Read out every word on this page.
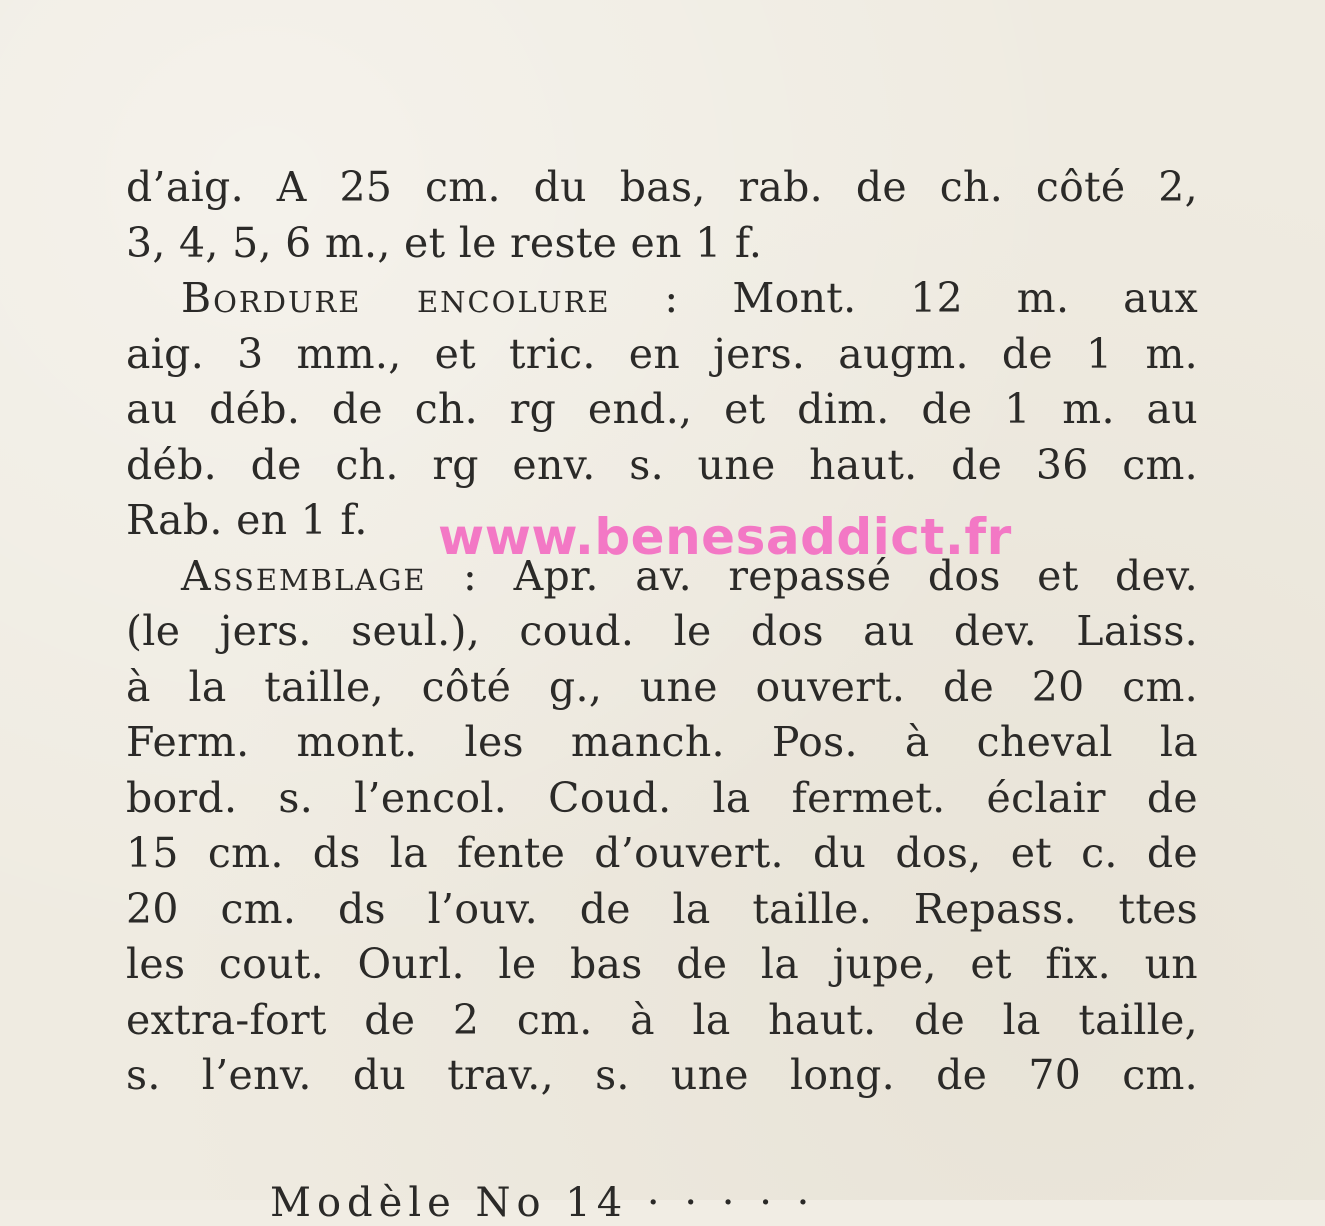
d’aig. A 25 cm. du bas, rab. de ch. côté 2,
3, 4, 5, 6 m., et le reste en 1 f.
Bordure encolure : Mont. 12 m. aux
aig. 3 mm., et tric. en jers. augm. de 1 m.
au déb. de ch. rg end., et dim. de 1 m. au
déb. de ch. rg env. s. une haut. de 36 cm.
Rab. en 1 f.
Assemblage : Apr. av. repassé dos et dev.
(le jers. seul.), coud. le dos au dev. Laiss.
à la taille, côté g., une ouvert. de 20 cm.
Ferm. mont. les manch. Pos. à cheval la
bord. s. l’encol. Coud. la fermet. éclair de
15 cm. ds la fente d’ouvert. du dos, et c. de
20 cm. ds l’ouv. de la taille. Repass. ttes
les cout. Ourl. le bas de la jupe, et fix. un
extra-fort de 2 cm. à la haut. de la taille,
s. l’env. du trav., s. une long. de 70 cm.
www.benesaddict.fr
Modèle No 14 · · · · ·
